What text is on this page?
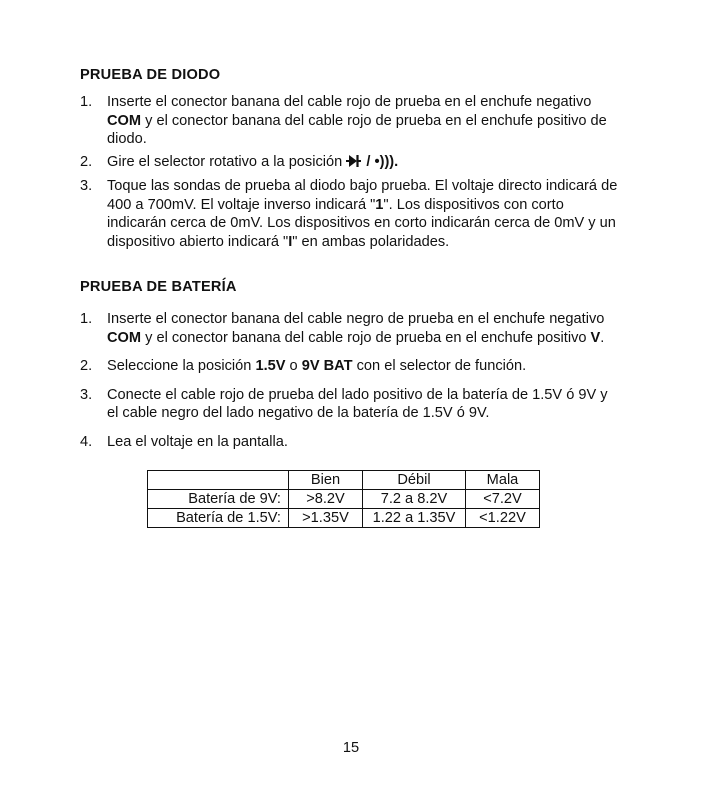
PRUEBA DE DIODO
1. Inserte el conector banana del cable rojo de prueba en el enchufe negativo COM y el conector banana del cable rojo de prueba en el enchufe positivo de diodo.
2. Gire el selector rotativo a la posición  / •))).
3. Toque las sondas de prueba al diodo bajo prueba. El voltaje directo indicará de 400 a 700mV. El voltaje inverso indicará "1". Los dispositivos con corto indicarán cerca de 0mV. Los dispositivos en corto indicarán cerca de 0mV y un dispositivo abierto indicará "I" en ambas polaridades.
PRUEBA DE BATERÍA
1. Inserte el conector banana del cable negro de prueba en el enchufe negativo COM y el conector banana del cable rojo de prueba en el enchufe positivo V.
2. Seleccione la posición 1.5V o 9V BAT con el selector de función.
3. Conecte el cable rojo de prueba del lado positivo de la batería de 1.5V ó 9V y el cable negro del lado negativo de la batería de 1.5V ó 9V.
4. Lea el voltaje en la pantalla.
	Bien	Débil	Mala
Batería de 9V:	>8.2V	7.2 a 8.2V	<7.2V
Batería de 1.5V:	>1.35V	1.22 a 1.35V	<1.22V
15
